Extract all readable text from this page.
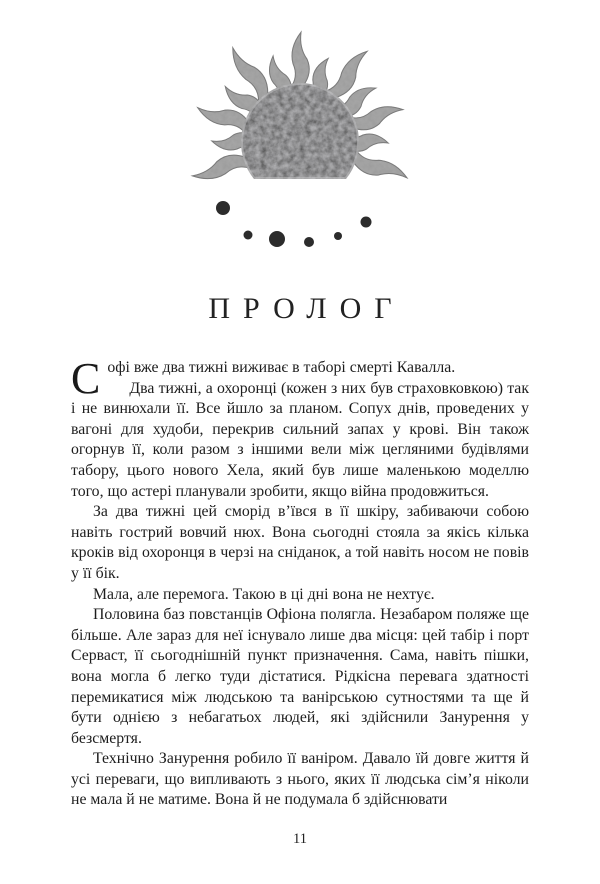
ПРОЛОГ

Софі вже два тижні виживає в таборі смерті Кавалла.

Два тижні, а охоронці (кожен з них був страховковкою) так і не винюхали її. Все йшло за планом. Сопух днів, проведених у вагоні для худоби, перекрив сильний запах у крові. Він також огорнув її, коли разом з іншими вели між цегляними будівлями табору, цього нового Хела, який був лише маленькою моделлю того, що астері планували зробити, якщо війна продовжиться.

За два тижні цей сморід в’ївся в її шкіру, забиваючи собою навіть гострий вовчий нюх. Вона сьогодні стояла за якісь кілька кроків від охоронця в черзі на сніданок, а той навіть носом не повів у її бік.

Мала, але перемога. Такою в ці дні вона не нехтує.

Половина баз повстанців Офіона полягла. Незабаром поляже ще більше. Але зараз для неї існувало лише два місця: цей табір і порт Серваст, її сьогоднішній пункт призначення. Сама, навіть пішки, вона могла б легко туди дістатися. Рідкісна перевага здатності перемикатися між людською та ванірською сутностями та ще й бути однією з небагатьох людей, які здійснили Занурення у безсмертя.

Технічно Занурення робило її ваніром. Давало їй довге життя й усі переваги, що випливають з нього, яких її людська сім’я ніколи не мала й не матиме. Вона й не подумала б здійснювати

11
